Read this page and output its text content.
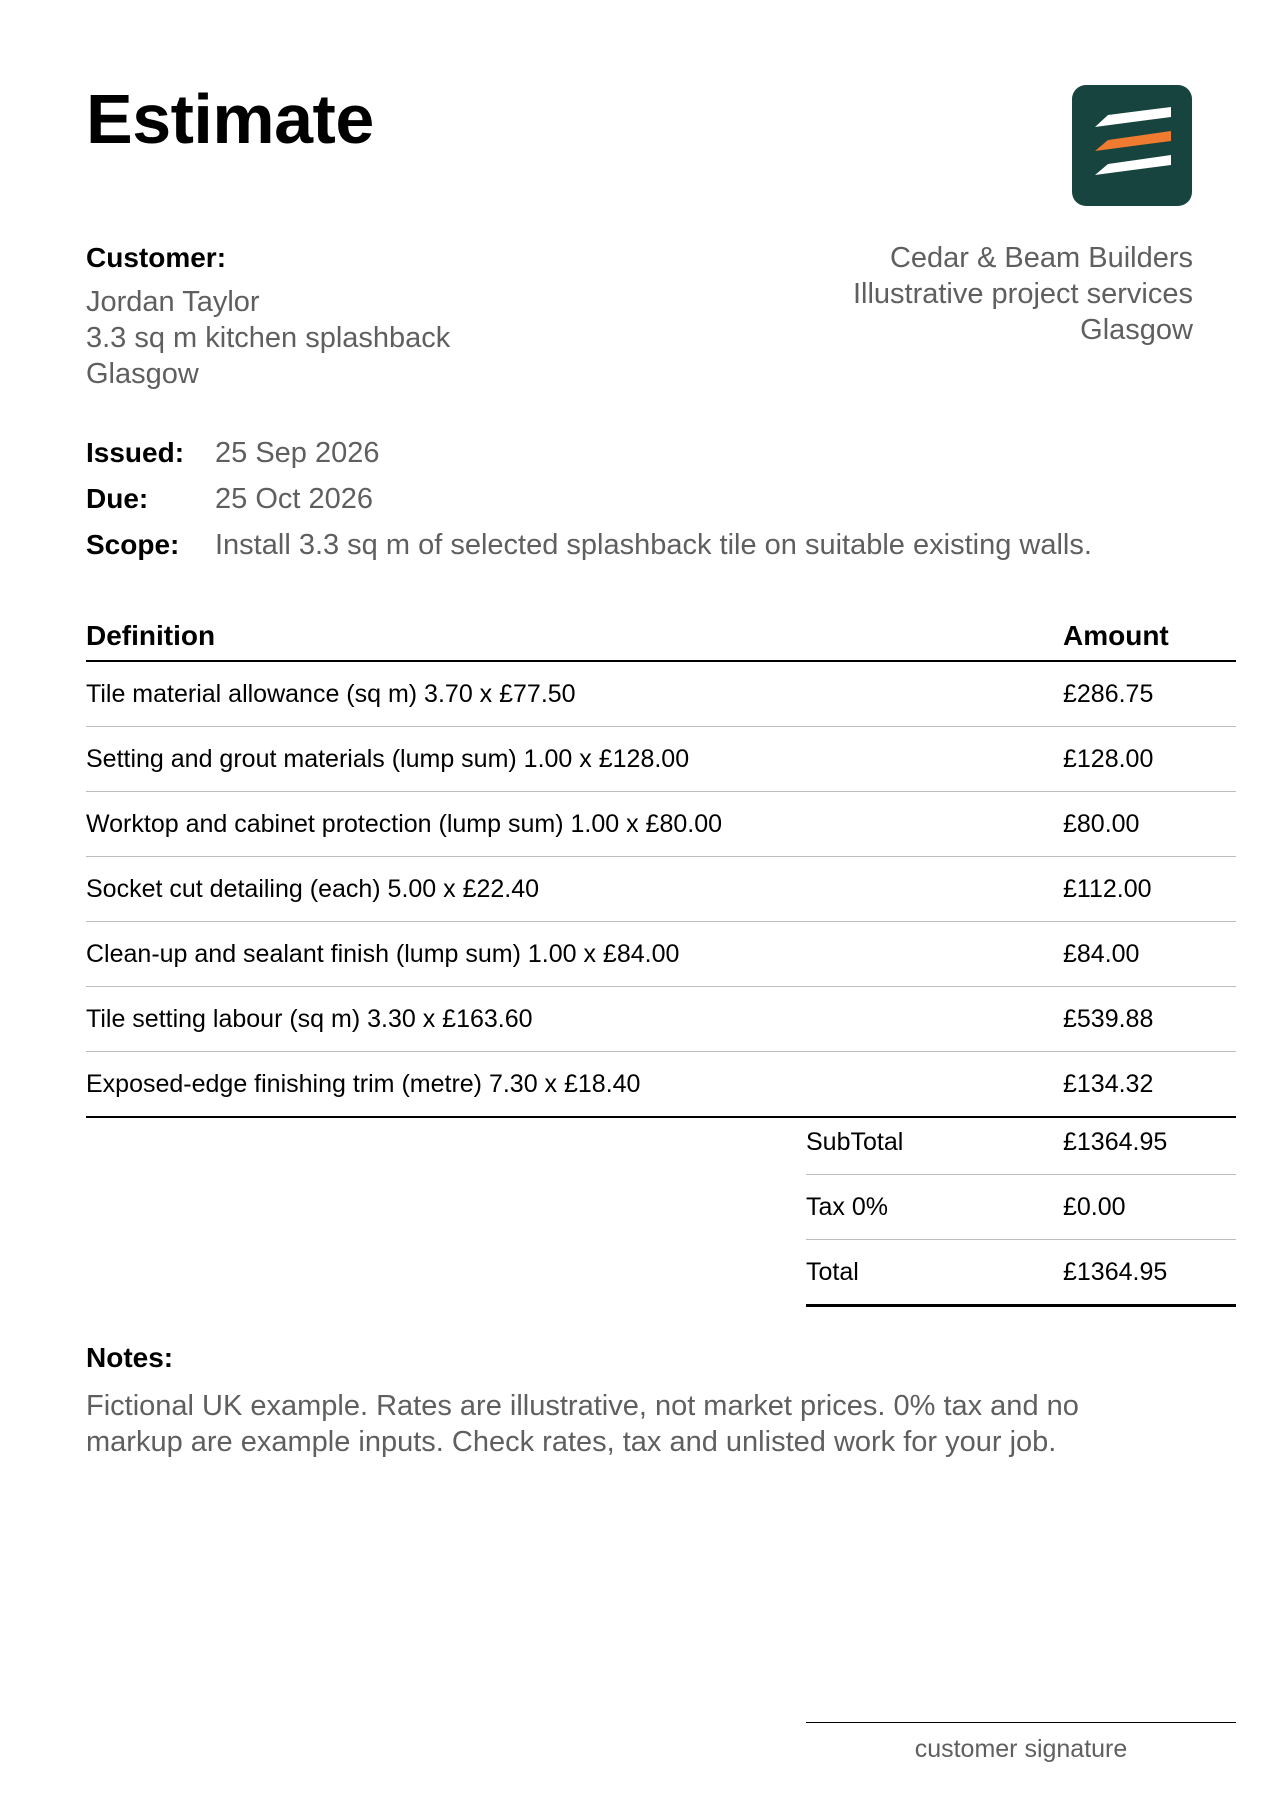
Estimate
Customer:
Jordan Taylor
3.3 sq m kitchen splashback
Glasgow
Cedar & Beam Builders
Illustrative project services
Glasgow
Issued:	25 Sep 2026
Due:	25 Oct 2026
Scope:	Install 3.3 sq m of selected splashback tile on suitable existing walls.
Definition	Amount
Tile material allowance (sq m) 3.70 x £77.50	£286.75
Setting and grout materials (lump sum) 1.00 x £128.00	£128.00
Worktop and cabinet protection (lump sum) 1.00 x £80.00	£80.00
Socket cut detailing (each) 5.00 x £22.40	£112.00
Clean-up and sealant finish (lump sum) 1.00 x £84.00	£84.00
Tile setting labour (sq m) 3.30 x £163.60	£539.88
Exposed-edge finishing trim (metre) 7.30 x £18.40	£134.32
SubTotal	£1364.95
Tax 0%	£0.00
Total	£1364.95
Notes:
Fictional UK example. Rates are illustrative, not market prices. 0% tax and no markup are example inputs. Check rates, tax and unlisted work for your job.
customer signature
